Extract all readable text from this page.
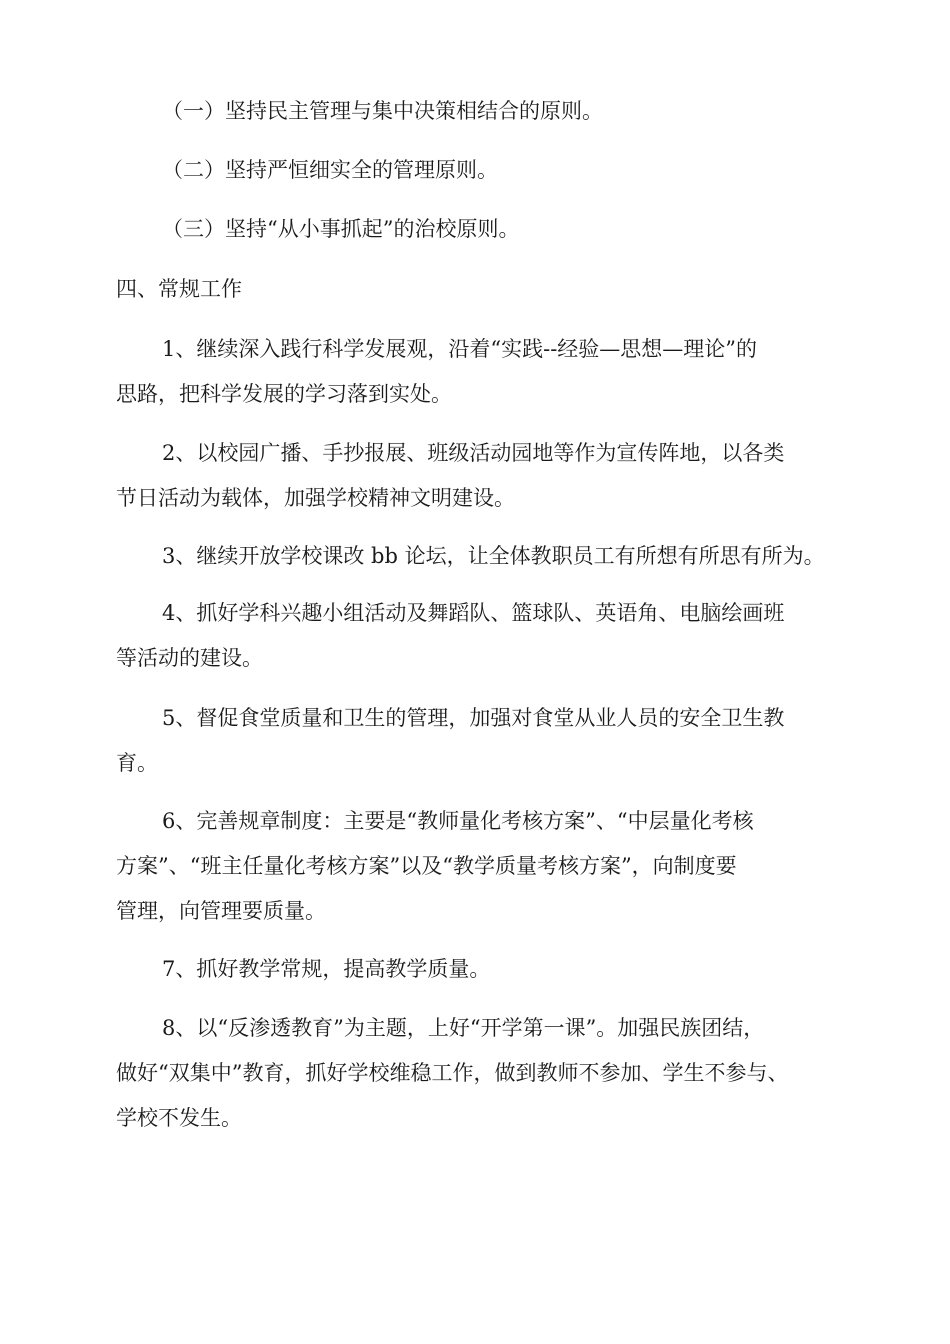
（一）坚持民主管理与集中决策相结合的原则。
（二）坚持严恒细实全的管理原则。
（三）坚持“从小事抓起”的治校原则。
四、常规工作
1、继续深入践行科学发展观，沿着“实践--经验—思想—理论”的
思路，把科学发展的学习落到实处。
2、以校园广播、手抄报展、班级活动园地等作为宣传阵地，以各类
节日活动为载体，加强学校精神文明建设。
3、继续开放学校课改 bb 论坛，让全体教职员工有所想有所思有所为。
4、抓好学科兴趣小组活动及舞蹈队、篮球队、英语角、电脑绘画班
等活动的建设。
5、督促食堂质量和卫生的管理，加强对食堂从业人员的安全卫生教
育。
6、完善规章制度：主要是“教师量化考核方案”、“中层量化考核
方案”、“班主任量化考核方案”以及“教学质量考核方案”，向制度要
管理，向管理要质量。
7、抓好教学常规，提高教学质量。
8、以“反渗透教育”为主题，上好“开学第一课”。加强民族团结，
做好“双集中”教育，抓好学校维稳工作，做到教师不参加、学生不参与、
学校不发生。
